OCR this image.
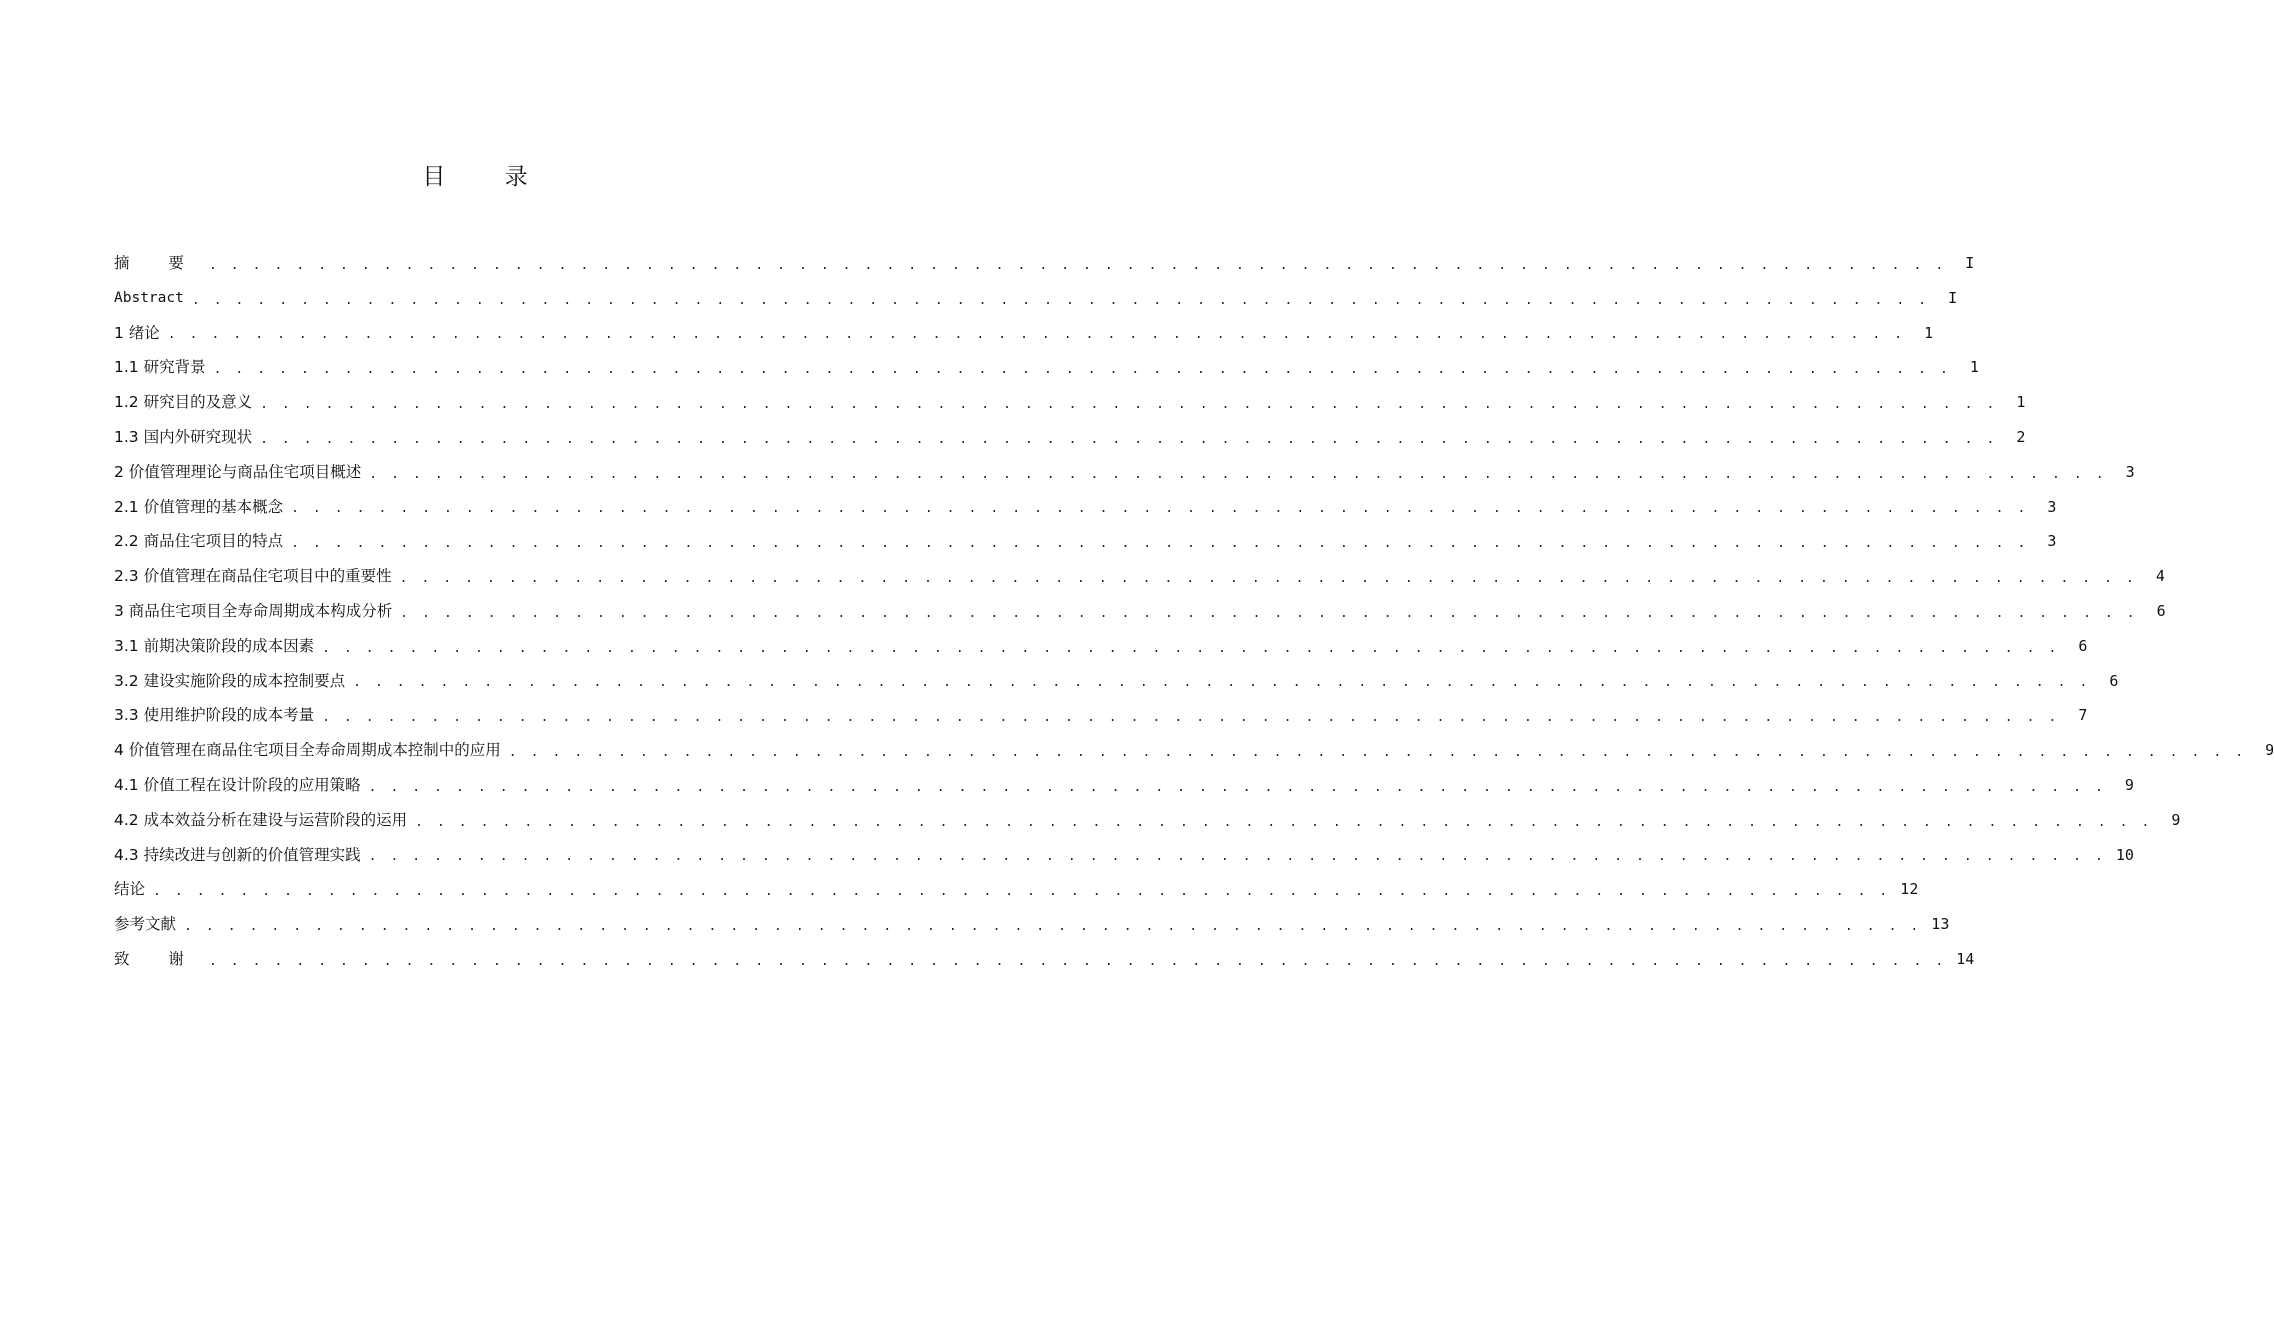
目 录
摘 要 . . . . . . . . . . . . . . . . . . . . . . . . . . . . . . . . . . . . . . . . . . . . . . . . . . . . . . . . . . . . . . . . . . . . . . . . . . . . . . . .	I
Abstract . . . . . . . . . . . . . . . . . . . . . . . . . . . . . . . . . . . . . . . . . . . . . . . . . . . . . . . . . . . . . . . . . . . . . . . . . . . . . . . .	I
1 绪论 . . . . . . . . . . . . . . . . . . . . . . . . . . . . . . . . . . . . . . . . . . . . . . . . . . . . . . . . . . . . . . . . . . . . . . . . . . . . . . . .	1
1.1 研究背景 . . . . . . . . . . . . . . . . . . . . . . . . . . . . . . . . . . . . . . . . . . . . . . . . . . . . . . . . . . . . . . . . . . . . . . . . . . . . . . . .	1
1.2 研究目的及意义 . . . . . . . . . . . . . . . . . . . . . . . . . . . . . . . . . . . . . . . . . . . . . . . . . . . . . . . . . . . . . . . . . . . . . . . . . . . . . . . .	1
1.3 国内外研究现状 . . . . . . . . . . . . . . . . . . . . . . . . . . . . . . . . . . . . . . . . . . . . . . . . . . . . . . . . . . . . . . . . . . . . . . . . . . . . . . . .	2
2 价值管理理论与商品住宅项目概述 . . . . . . . . . . . . . . . . . . . . . . . . . . . . . . . . . . . . . . . . . . . . . . . . . . . . . . . . . . . . . . . . . . . . . . . . . . . . . . . .	3
2.1 价值管理的基本概念 . . . . . . . . . . . . . . . . . . . . . . . . . . . . . . . . . . . . . . . . . . . . . . . . . . . . . . . . . . . . . . . . . . . . . . . . . . . . . . . .	3
2.2 商品住宅项目的特点 . . . . . . . . . . . . . . . . . . . . . . . . . . . . . . . . . . . . . . . . . . . . . . . . . . . . . . . . . . . . . . . . . . . . . . . . . . . . . . . .	3
2.3 价值管理在商品住宅项目中的重要性 . . . . . . . . . . . . . . . . . . . . . . . . . . . . . . . . . . . . . . . . . . . . . . . . . . . . . . . . . . . . . . . . . . . . . . . . . . . . . . . .	4
3 商品住宅项目全寿命周期成本构成分析 . . . . . . . . . . . . . . . . . . . . . . . . . . . . . . . . . . . . . . . . . . . . . . . . . . . . . . . . . . . . . . . . . . . . . . . . . . . . . . . .	6
3.1 前期决策阶段的成本因素 . . . . . . . . . . . . . . . . . . . . . . . . . . . . . . . . . . . . . . . . . . . . . . . . . . . . . . . . . . . . . . . . . . . . . . . . . . . . . . . .	6
3.2 建设实施阶段的成本控制要点 . . . . . . . . . . . . . . . . . . . . . . . . . . . . . . . . . . . . . . . . . . . . . . . . . . . . . . . . . . . . . . . . . . . . . . . . . . . . . . . .	6
3.3 使用维护阶段的成本考量 . . . . . . . . . . . . . . . . . . . . . . . . . . . . . . . . . . . . . . . . . . . . . . . . . . . . . . . . . . . . . . . . . . . . . . . . . . . . . . . .	7
4 价值管理在商品住宅项目全寿命周期成本控制中的应用 . . . . . . . . . . . . . . . . . . . . . . . . . . . . . . . . . . . . . . . . . . . . . . . . . . . . . . . . . . . . . . . . . . . . . . . . . . . . . . . .	9
4.1 价值工程在设计阶段的应用策略 . . . . . . . . . . . . . . . . . . . . . . . . . . . . . . . . . . . . . . . . . . . . . . . . . . . . . . . . . . . . . . . . . . . . . . . . . . . . . . . .	9
4.2 成本效益分析在建设与运营阶段的运用 . . . . . . . . . . . . . . . . . . . . . . . . . . . . . . . . . . . . . . . . . . . . . . . . . . . . . . . . . . . . . . . . . . . . . . . . . . . . . . . .	9
4.3 持续改进与创新的价值管理实践 . . . . . . . . . . . . . . . . . . . . . . . . . . . . . . . . . . . . . . . . . . . . . . . . . . . . . . . . . . . . . . . . . . . . . . . . . . . . . . . . 10
结论 . . . . . . . . . . . . . . . . . . . . . . . . . . . . . . . . . . . . . . . . . . . . . . . . . . . . . . . . . . . . . . . . . . . . . . . . . . . . . . . . 12
参考文献 . . . . . . . . . . . . . . . . . . . . . . . . . . . . . . . . . . . . . . . . . . . . . . . . . . . . . . . . . . . . . . . . . . . . . . . . . . . . . . . . 13
致 谢 . . . . . . . . . . . . . . . . . . . . . . . . . . . . . . . . . . . . . . . . . . . . . . . . . . . . . . . . . . . . . . . . . . . . . . . . . . . . . . . . 14
